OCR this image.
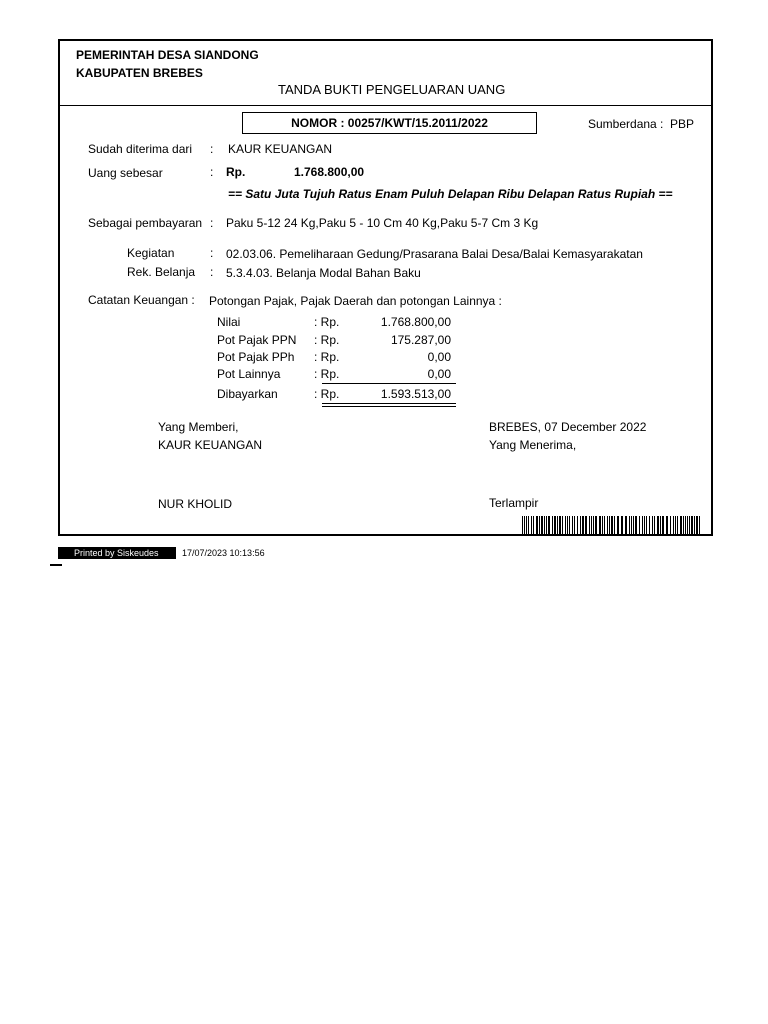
PEMERINTAH DESA SIANDONG
KABUPATEN BREBES
TANDA BUKTI PENGELUARAN UANG
NOMOR : 00257/KWT/15.2011/2022	Sumberdana : PBP
Sudah diterima dari : KAUR KEUANGAN
Uang sebesar	: Rp.	1.768.800,00
== Satu Juta Tujuh Ratus Enam Puluh Delapan Ribu Delapan Ratus Rupiah ==
Sebagai pembayaran : Paku 5-12 24 Kg,Paku 5 - 10 Cm 40 Kg,Paku 5-7 Cm 3 Kg
Kegiatan	: 02.03.06. Pemeliharaan Gedung/Prasarana Balai Desa/Balai Kemasyarakatan
Rek. Belanja : 5.3.4.03. Belanja Modal Bahan Baku
Catatan Keuangan : Potongan Pajak, Pajak Daerah dan potongan Lainnya :
Nilai	: Rp.	1.768.800,00
Pot Pajak PPN : Rp.	175.287,00
Pot Pajak PPh : Rp.	0,00
Pot Lainnya	: Rp.	0,00
Dibayarkan	: Rp.	1.593.513,00
Yang Memberi,
KAUR KEUANGAN
NUR KHOLID
BREBES, 07 December 2022
Yang Menerima,
Terlampir
Printed by Siskeudes	17/07/2023 10:13:56
